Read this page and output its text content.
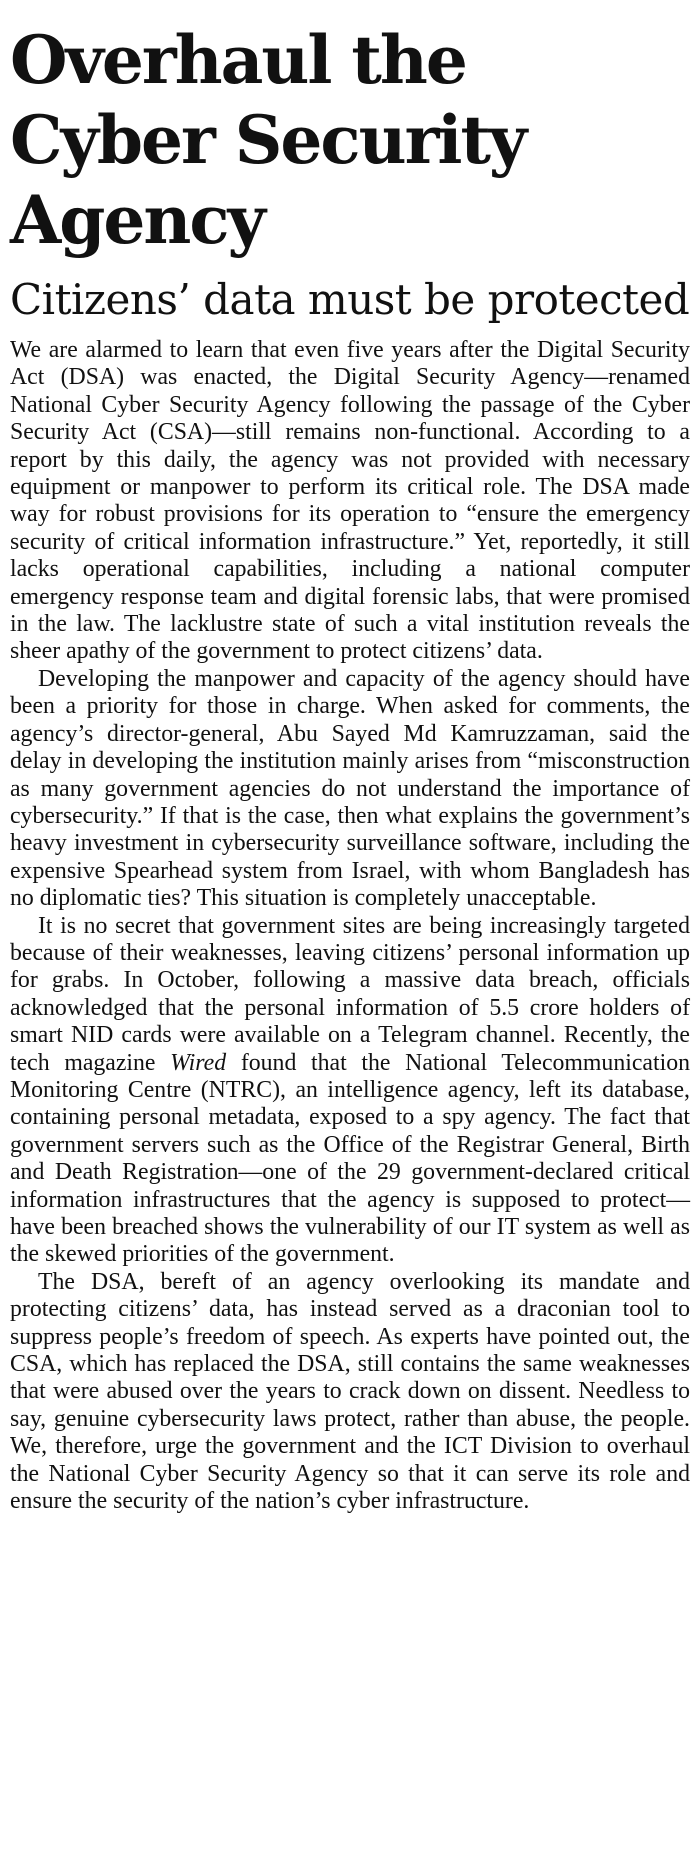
Overhaul the Cyber Security Agency
Citizens’ data must be protected

We are alarmed to learn that even five years after the Digital Security Act (DSA) was enacted, the Digital Security Agency—renamed National Cyber Security Agency following the passage of the Cyber Security Act (CSA)—still remains non-functional. According to a report by this daily, the agency was not provided with necessary equipment or manpower to perform its critical role. The DSA made way for robust provisions for its operation to “ensure the emergency security of critical information infrastructure.” Yet, reportedly, it still lacks operational capabilities, including a national computer emergency response team and digital forensic labs, that were promised in the law. The lacklustre state of such a vital institution reveals the sheer apathy of the government to protect citizens’ data.

Developing the manpower and capacity of the agency should have been a priority for those in charge. When asked for comments, the agency’s director-general, Abu Sayed Md Kamruzzaman, said the delay in developing the institution mainly arises from “misconstruction as many government agencies do not understand the importance of cybersecurity.” If that is the case, then what explains the government’s heavy investment in cybersecurity surveillance software, including the expensive Spearhead system from Israel, with whom Bangladesh has no diplomatic ties? This situation is completely unacceptable.

It is no secret that government sites are being increasingly targeted because of their weaknesses, leaving citizens’ personal information up for grabs. In October, following a massive data breach, officials acknowledged that the personal information of 5.5 crore holders of smart NID cards were available on a Telegram channel. Recently, the tech magazine Wired found that the National Telecommunication Monitoring Centre (NTRC), an intelligence agency, left its database, containing personal metadata, exposed to a spy agency. The fact that government servers such as the Office of the Registrar General, Birth and Death Registration—one of the 29 government-declared critical information infrastructures that the agency is supposed to protect—have been breached shows the vulnerability of our IT system as well as the skewed priorities of the government.

The DSA, bereft of an agency overlooking its mandate and protecting citizens’ data, has instead served as a draconian tool to suppress people’s freedom of speech. As experts have pointed out, the CSA, which has replaced the DSA, still contains the same weaknesses that were abused over the years to crack down on dissent. Needless to say, genuine cybersecurity laws protect, rather than abuse, the people. We, therefore, urge the government and the ICT Division to overhaul the National Cyber Security Agency so that it can serve its role and ensure the security of the nation’s cyber infrastructure.
